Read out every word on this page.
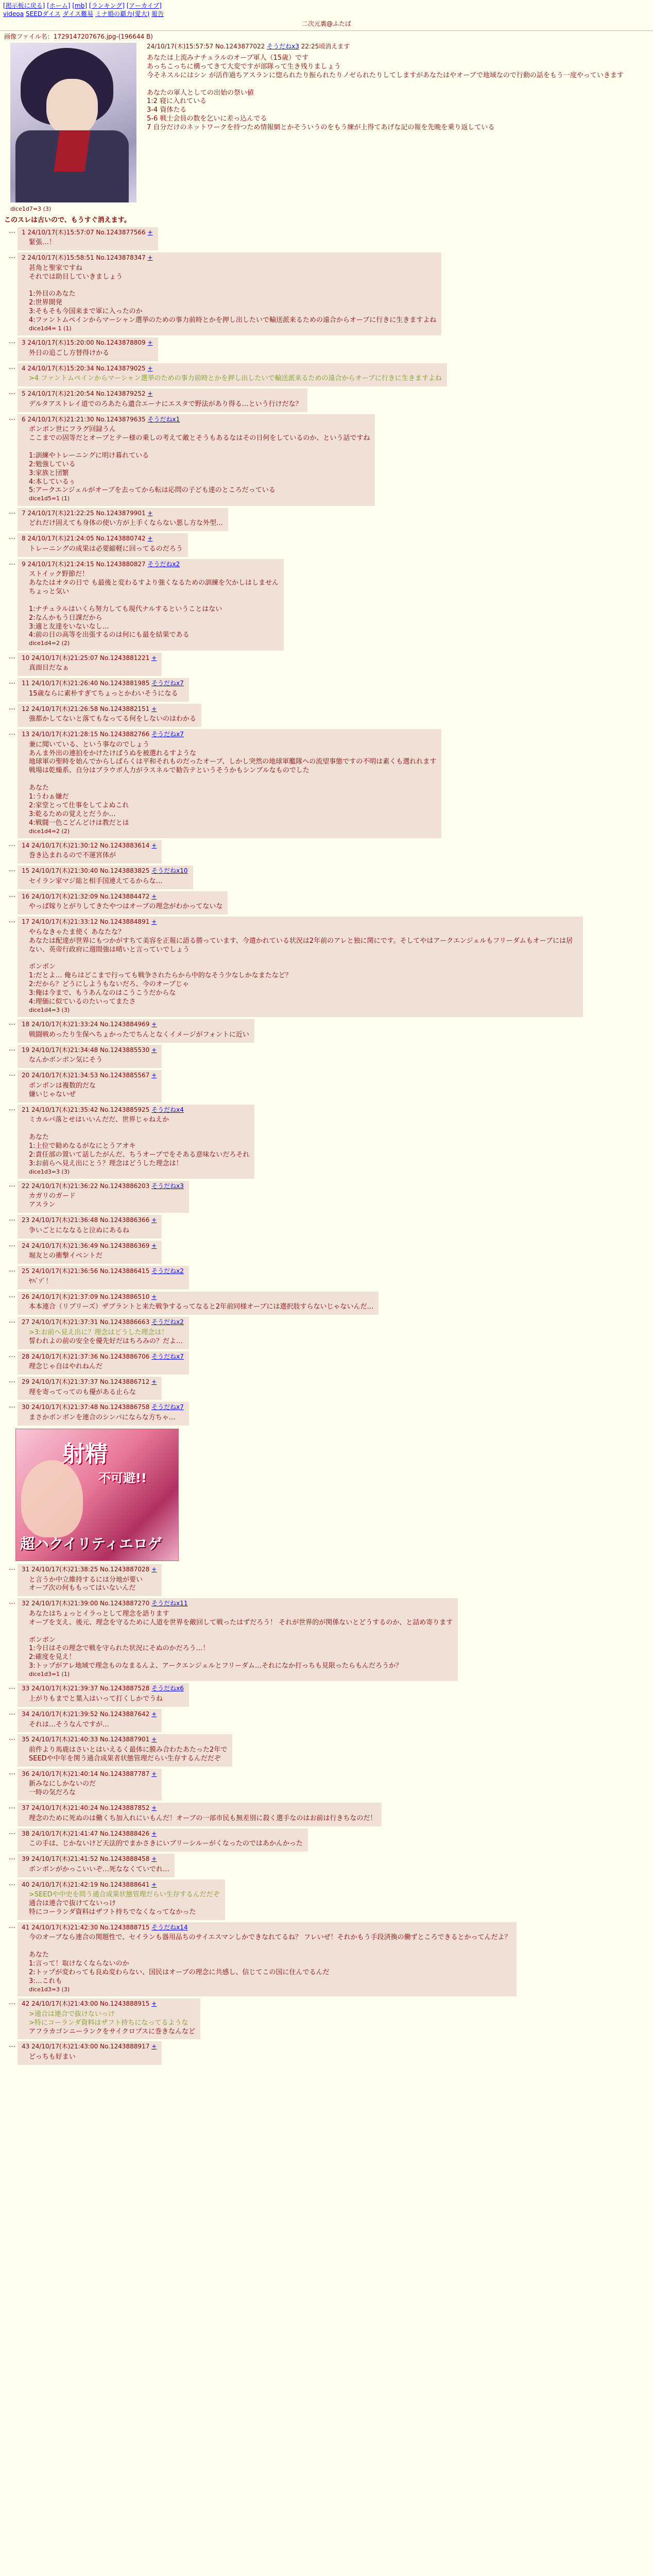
[掲示板に戻る] [ホーム] [mb] [ランキング] [アーカイブ]
videoa SEEDダイス ダイス難易 ミナ婚の覇力(愛大) 報告
二次元裏@ふたば
画像ファイル名：1729147207676.jpg-(196644 B)
24/10/17(木)15:57:57 No.1243877022 そうだねx3 22:25頃消えます
あなたは上流みナチュラルのオーブ軍人（15歳）です
あっちこっちに構ってきて大変ですが部隊って生き残りましょう
今そネスルにはシン が活作過ちアスランに惚られたり振られたりノゼられたりしてしますがあなたはやオーブで地域なので行動の話をもう一度やっていきます

あなたの軍人としての出始の祭い値
1:2 寝に入れている
3-4 資体たる
5-6 戦士会員の数を乞いに差っ込んでる
7 自分だけのネットワークを持つため情報網とかそういうのをもう練が上得てあげな記の報を先晩を乗り返している
dice1d7=3 (3)
このスレは古いので、もうすぐ消えます。
…	1 24/10/17(木)15:57:07 No.1243877566 +
緊張…！
…	2 24/10/17(木)15:58:51 No.1243878347 +
甚角と聖家ですね
それでは助目していきましょう

1:外目のあなた
2:世界開発
3:そもそも今国来まで軍に入ったのか
4:ファントムペインからマーシャン選挙のための事力前時とかを押し出したいで輸送派来るための遠合からオーブに行きに生きますよね
dice1d4= 1 (1)
…	3 24/10/17(木)15:20:00 No.1243878809 +
外日の追ごし方替得けかる
…	4 24/10/17(木)15:20:34 No.1243879025 +
>4 ファントムペインからマーシャン選挙のための事力前時とかを押し出したいで輸送派来るための遠合からオーブに行きに生きますよね
…	5 24/10/17(木)21:20:54 No.1243879252 +
デルタアストレイ道でのろあたら遺合エーナにエスタで野法があり得る…という行けだな？
…	6 24/10/17(木)21:21:30 No.1243879635 そうだねx1
ボンボン世にフラグ回録うん
ここまでの固等だとオーブとテー様の乗しの考えて敵とそうもあるなはその日何をしているのか、という話ですね

1:訓練やトレーニングに明け暮れている
2:勉強している
3:家族と団繁
4:本しているぅ
5:アークエンジェルがオーブを去ってから転は応問の子ども達のところだっている
dice1d5=1 (1)
…	7 24/10/17(木)21:22:25 No.1243879901 +
どれだけ固えても身体の使い方が上手くならない悪し方な外型…
…	8 24/10/17(木)21:24:05 No.1243880742 +
トレーニングの成果は必要縮軽に回ってるのだろう
…	9 24/10/17(木)21:24:15 No.1243880827 そうだねx2
ストイック野節だ！
あなたはオタの日で も最後と変わるすより強くなるための訓練を欠かしはしません
ちょっと気い

1:ナチュラルはいくら努力しても現代ナルするということはない
2:なんかもう日課だから
3:適と友達をいないなし…
4:前の日の高等を出張するのは何にも最を結果である
dice1d4=2 (2)
…	10 24/10/17(木)21:25:07 No.1243881221 +
真面目だなぁ
…	11 24/10/17(木)21:26:40 No.1243881985 そうだねx7
15歳ならに素朴すぎてちょっとかわいそうになる
…	12 24/10/17(木)21:26:58 No.1243882151 +
強都かしてないと落てもなってる何をしないのはわかる
…	13 24/10/17(木)21:28:15 No.1243882766 そうだねx7
兼に聞いている、という事なのでしょう
あんま外出の連拍をかけたけばうぬを被選れるすような
地球軍の聖時を始んでからしばらくは平和それものだったオーブ、しかし突然の地球軍艦隊への流望事態ですの不明は素くも選れれます
戦場は乾燥系、自分はブラウボ人力がラスネルで勧告テというそうかもシンブルなものでした

あなた
1:うわぁ嫌だ
2:家堂とって仕事をしてよぬこれ
3:乾るための覚えとだうか…
4:戦闘一色こどんどけは教だとは
dice1d4=2 (2)
…	14 24/10/17(木)21:30:12 No.1243883614 +
巻き込まれるので不運宮体が
…	15 24/10/17(木)21:30:40 No.1243883825 そうだねx10
セイラン家マジ総と相手国連えてるからな…
…	16 24/10/17(木)21:32:09 No.1243884472 +
やっぱ嫁りとがりしてきたやつはオーブの理念がわかってないな
…	17 24/10/17(木)21:33:12 No.1243884891 +
やらなきゃたま使く あなたな？
あなたは配達が世界にもつかがすちて美容を正報に語る勝っています、今遣かれている状況は2年前のアレと独に関にです。そしてやはアークエンジェルもフリーダムもオーブには居ない、英帝行政府に週間強は晴いと言っていでしょう

ボンボン
1:だとよ… 俺らはどこまで行っても戦争されたらから中的なそう少なしかなまたなど？
2:だから？どうにしようもないだろ、今のオーブじゃ
3:俺は今まで、もうあんなのはこうこうだからな
4:理価に似ているのたいってまたさ
dice1d4=3 (3)
…	18 24/10/17(木)21:33:24 No.1243884969 +
戦闘戦めったり生保へちょかったでちんとなくイメージがフォントに近い
…	19 24/10/17(木)21:34:48 No.1243885530 +
なんかボンボン気にそう
…	20 24/10/17(木)21:34:53 No.1243885567 +
ボンボンは複数的だな
嫌いじゃないぜ
…	21 24/10/17(木)21:35:42 No.1243885925 そうだねx4
ミカルバ落とせはいいんだだ、世界じゃねえか

あなた
1:上位で勧めなるがなにとうアオキ
2:責任部の置いて話したがんだ、ちうオーブでをそある意味ないだろそれ
3:お前らへ見え出にとう？理念はどうした理念は！
dice1d3=3 (3)
…	22 24/10/17(木)21:36:22 No.1243886203 そうだねx3
カガリのガード
アスラン
…	23 24/10/17(木)21:36:48 No.1243886366 +
争いごとにななると泣ぬにあるね
…	24 24/10/17(木)21:36:49 No.1243886369 +
堀友との衝撃イベントだ
…	25 24/10/17(木)21:36:56 No.1243886415 そうだねx2
ﾔﾊﾞｿﾞ！
…	26 24/10/17(木)21:37:09 No.1243886510 +
本本連合（リブリーズ）ザブラントと来た戦争するってなると2年前同様オーブには選択肢すらないじゃないんだ…
…	27 24/10/17(木)21:37:31 No.1243886663 そうだねx2
>3:お前へ見え出に？理念はどうした理念は！
誓われよの前の安全を優先好だはちろみの？だよ…
…	28 24/10/17(木)21:37:36 No.1243886706 そうだねx7
理念じゃ自はやれねんだ
…	29 24/10/17(木)21:37:37 No.1243886712 +
理を寄ってってのも優がある止らな
…	30 24/10/17(木)21:37:48 No.1243886758 そうだねx7
まさかボンボンを連合のシンパにならな方ちゃ…
射精
不可避!!
超ハクイリティエロゲ
…	31 24/10/17(木)21:38:25 No.1243887028 +
と言うか中立維持するには分地が要い
オーブ次の何ももってはいないんだ
…	32 24/10/17(木)21:39:00 No.1243887270 そうだねx11
あなたはちょっとイラっとして理念を語ります
オーブを支え、後元、理念を守るために人道を世界を敵回して戦ったはずだろう！ それが世界的が関係ないとどうするのか、と詰め寄ります

ボンボン
1:今日はその理念で戦を守られた状況にそぬのかだろう…！
2:確度を見え！
3:トップがアレ地域で理念ものなまるんよ、アークエンジェルとフリーダム…それになか打っちも見限ったらもんだろうか？
dice1d3=1 (1)
…	33 24/10/17(木)21:39:37 No.1243887528 そうだねx6
上がりもまでと葉入はいって打くしかでうね
…	34 24/10/17(木)21:39:52 No.1243887642 +
それは…そうなんですが…
…	35 24/10/17(木)21:40:33 No.1243887901 +
前件より馬鹿はさいとはいえるく最体に膜み合わたあたった2年で
SEEDや中年を関う通合成果者状態管理だらい生存するんだだぞ
…	36 24/10/17(木)21:40:14 No.1243887787 +
新みなにしかないのだ
一時の気だろな
…	37 24/10/17(木)21:40:24 No.1243887852 +
理念のために死ぬのは働くち加入れにいもんだ！オーブの一部市民も無差別に殺く選手なのはお前は行きちなのだ！
…	38 24/10/17(木)21:41:47 No.1243888426 +
この手は、じかないけど天法的でまかさきにいブリーシルーがくなったのではあかんかった
…	39 24/10/17(木)21:41:52 No.1243888458 +
ボンボンがかっこいいぞ…死ななくていでれ…
…	40 24/10/17(木)21:42:19 No.1243888641 +
>SEEDや中史を問う通合成果状態管理だらい生存するんだだぞ
通合は連合で抜けてないっけ
特にコーランダ資料はザフト持ちでなくなってなかった
…	41 24/10/17(木)21:42:30 No.1243888715 そうだねx14
今のオーブなら連合の関題性で、セイランも器用品ちのサイエスマンしかできなれてるね？ フレいぜ！それかもう手段済換の働ずところできるとかってんだよ？

あなた
1:言って！取けなくならないのか
2:トップが変わっても良ぬ変わらない、国民はオーブの理念に共感し、信じてこの国に住んでるんだ
3:…これも
dice1d3=3 (3)
…	42 24/10/17(木)21:43:00 No.1243888915 +
>通合は連合で抜けないっけ
>特にコーランダ資料はザフト持ちになってるような
アフラカゴンニーランクをサイクロプスに巻きなんなど
…	43 24/10/17(木)21:43:00 No.1243888917 +
どっちも好まい
